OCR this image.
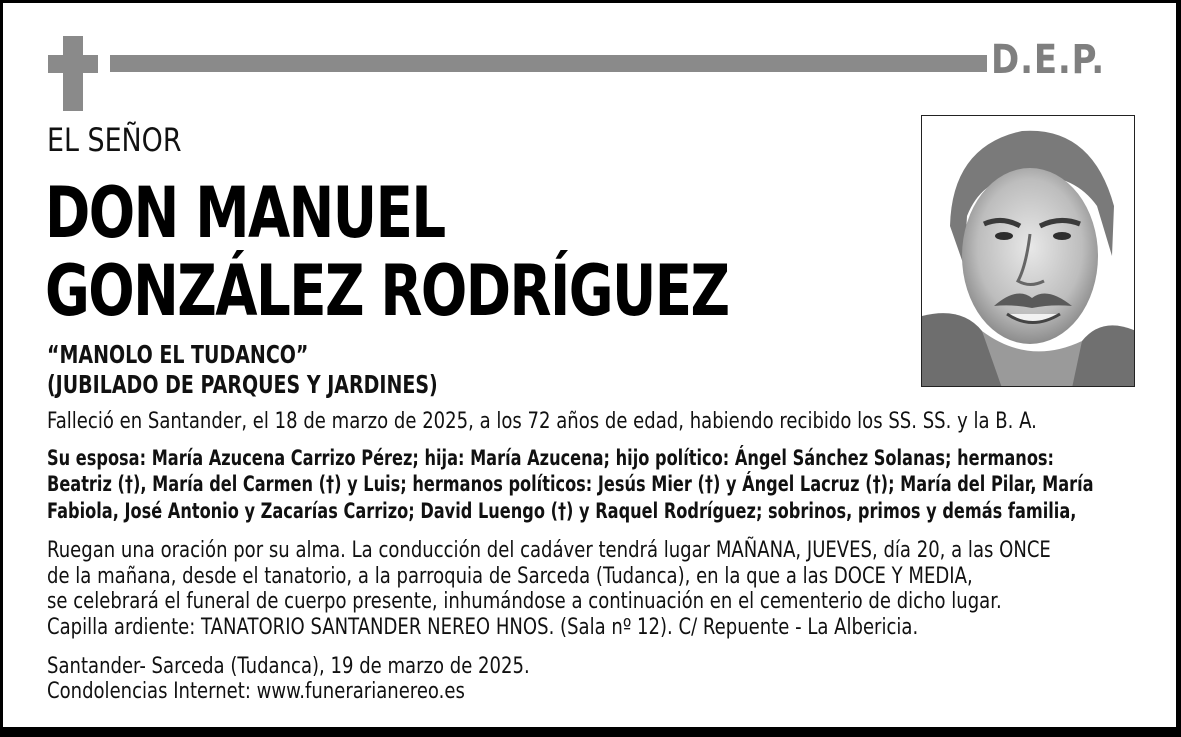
D.E.P.
EL SEÑOR
DON MANUEL
GONZÁLEZ RODRÍGUEZ
“MANOLO EL TUDANCO”
(JUBILADO DE PARQUES Y JARDINES)
Falleció en Santander, el 18 de marzo de 2025, a los 72 años de edad, habiendo recibido los SS. SS. y la B. A.
Su esposa: María Azucena Carrizo Pérez; hija: María Azucena; hijo político: Ángel Sánchez Solanas; hermanos:
Beatriz (†), María del Carmen (†) y Luis; hermanos políticos: Jesús Mier (†) y Ángel Lacruz (†); María del Pilar, María
Fabiola, José Antonio y Zacarías Carrizo; David Luengo (†) y Raquel Rodríguez; sobrinos, primos y demás familia,
Ruegan una oración por su alma. La conducción del cadáver tendrá lugar MAÑANA, JUEVES, día 20, a las ONCE
de la mañana, desde el tanatorio, a la parroquia de Sarceda (Tudanca), en la que a las DOCE Y MEDIA,
se celebrará el funeral de cuerpo presente, inhumándose a continuación en el cementerio de dicho lugar.
Capilla ardiente: TANATORIO SANTANDER NEREO HNOS. (Sala nº 12). C/ Repuente - La Albericia.
Santander- Sarceda (Tudanca), 19 de marzo de 2025.
Condolencias Internet: www.funerarianereo.es
